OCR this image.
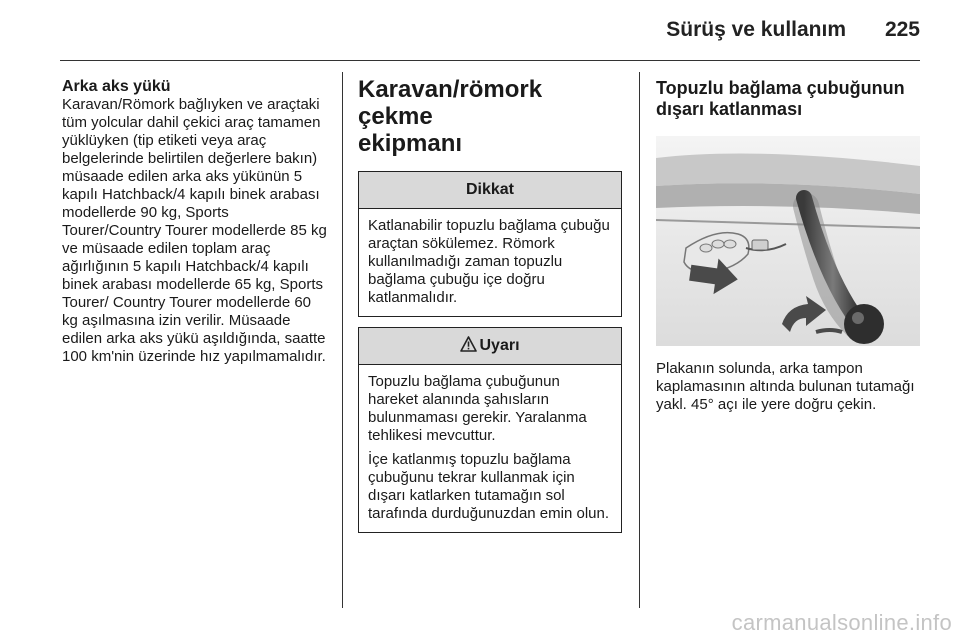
Sürüş ve kullanım 225
Arka aks yükü

Karavan/Römork bağlıyken ve araçtaki tüm yolcular dahil çekici araç tamamen yüklüyken (tip etiketi veya araç belgelerinde belirtilen değerlere bakın) müsaade edilen arka aks yükünün 5 kapılı Hatchback/4 kapılı binek arabası modellerde 90 kg, Sports Tourer/Country Tourer modellerde 85 kg ve müsaade edilen toplam araç ağırlığının 5 kapılı Hatchback/4 kapılı binek arabası modellerde 65 kg, Sports Tourer/ Country Tourer modellerde 60 kg aşılmasına izin verilir. Müsaade edilen arka aks yükü aşıldığında, saatte 100 km'nin üzerinde hız yapılmamalıdır.

Karavan/römork çekme
ekipmanı
Dikkat

Katlanabilir topuzlu bağlama çubuğu araçtan sökülemez. Römork kullanılmadığı zaman topuzlu bağlama çubuğu içe doğru katlanmalıdır.

Uyarı

Topuzlu bağlama çubuğunun hareket alanında şahısların bulunmaması gerekir. Yaralanma tehlikesi mevcuttur.

İçe katlanmış topuzlu bağlama çubuğunu tekrar kullanmak için dışarı katlarken tutamağın sol tarafında durduğunuzdan emin olun.

Topuzlu bağlama çubuğunun
dışarı katlanması

Plakanın solunda, arka tampon kaplamasının altında bulunan tutamağı yakl. 45° açı ile yere doğru çekin.

carmanualsonline.info
